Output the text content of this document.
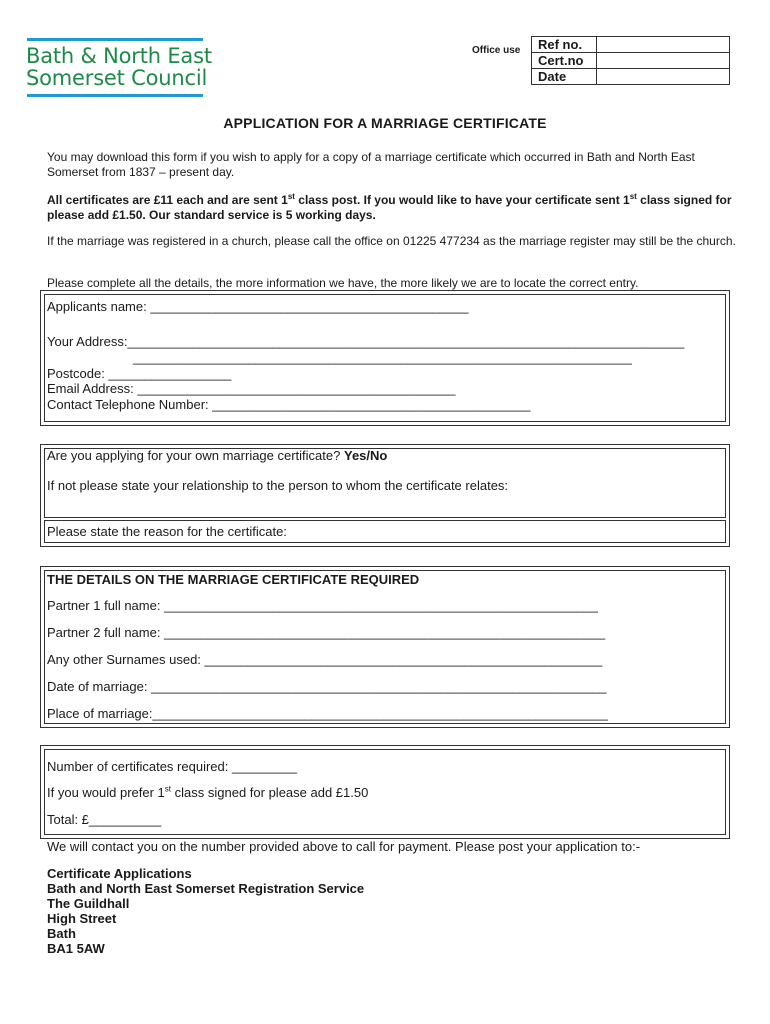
Bath & North East
Somerset Council
Office use Ref no.	
Cert.no	
Date	
APPLICATION FOR A MARRIAGE CERTIFICATE
You may download this form if you wish to apply for a copy of a marriage certificate which occurred in Bath and North East Somerset from 1837 – present day.
All certificates are £11 each and are sent 1st class post. If you would like to have your certificate sent 1st class signed for please add £1.50. Our standard service is 5 working days.
If the marriage was registered in a church, please call the office on 01225 477234 as the marriage register may still be the church.
Please complete all the details, the more information we have, the more likely we are to locate the correct entry.
Applicants name: ____________________________________________
Your Address:_____________________________________________________________________________
_____________________________________________________________________
Postcode: _________________
Email Address: ____________________________________________
Contact Telephone Number: ____________________________________________
Are you applying for your own marriage certificate? Yes/No
If not please state your relationship to the person to whom the certificate relates:
Please state the reason for the certificate:
THE DETAILS ON THE MARRIAGE CERTIFICATE REQUIRED
Partner 1 full name: ____________________________________________________________
Partner 2 full name: _____________________________________________________________
Any other Surnames used: _______________________________________________________
Date of marriage: _______________________________________________________________
Place of marriage:_______________________________________________________________
Number of certificates required: _________
If you would prefer 1st class signed for please add £1.50
Total: £__________
We will contact you on the number provided above to call for payment. Please post your application to:-
Certificate Applications
Bath and North East Somerset Registration Service
The Guildhall
High Street
Bath
BA1 5AW
